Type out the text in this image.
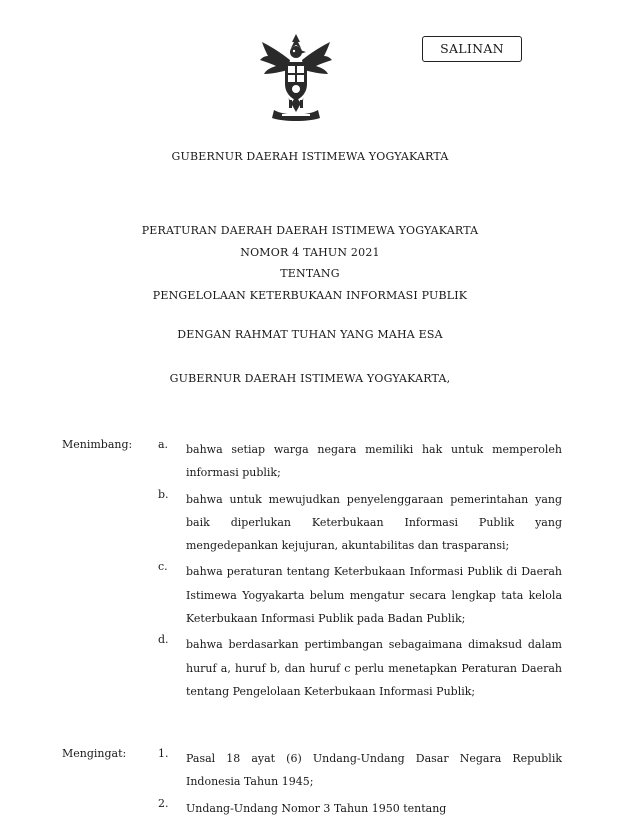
SALINAN
GUBERNUR DAERAH ISTIMEWA YOGYAKARTA
PERATURAN DAERAH DAERAH ISTIMEWA YOGYAKARTA
NOMOR 4 TAHUN 2021
TENTANG
PENGELOLAAN KETERBUKAAN INFORMASI PUBLIK
DENGAN RAHMAT TUHAN YANG MAHA ESA
GUBERNUR DAERAH ISTIMEWA YOGYAKARTA,
Menimbang:	a. bahwa setiap warga negara memiliki hak untuk memperoleh informasi publik;
b. bahwa untuk mewujudkan penyelenggaraan pemerintahan yang baik diperlukan Keterbukaan Informasi Publik yang mengedepankan kejujuran, akuntabilitas dan trasparansi;
c. bahwa peraturan tentang Keterbukaan Informasi Publik di Daerah Istimewa Yogyakarta belum mengatur secara lengkap tata kelola Keterbukaan Informasi Publik pada Badan Publik;
d. bahwa berdasarkan pertimbangan sebagaimana dimaksud dalam huruf a, huruf b, dan huruf c perlu menetapkan Peraturan Daerah tentang Pengelolaan Keterbukaan Informasi Publik;
Mengingat:	1. Pasal 18 ayat (6) Undang-Undang Dasar Negara Republik Indonesia Tahun 1945;
2. Undang-Undang Nomor 3 Tahun 1950 tentang
